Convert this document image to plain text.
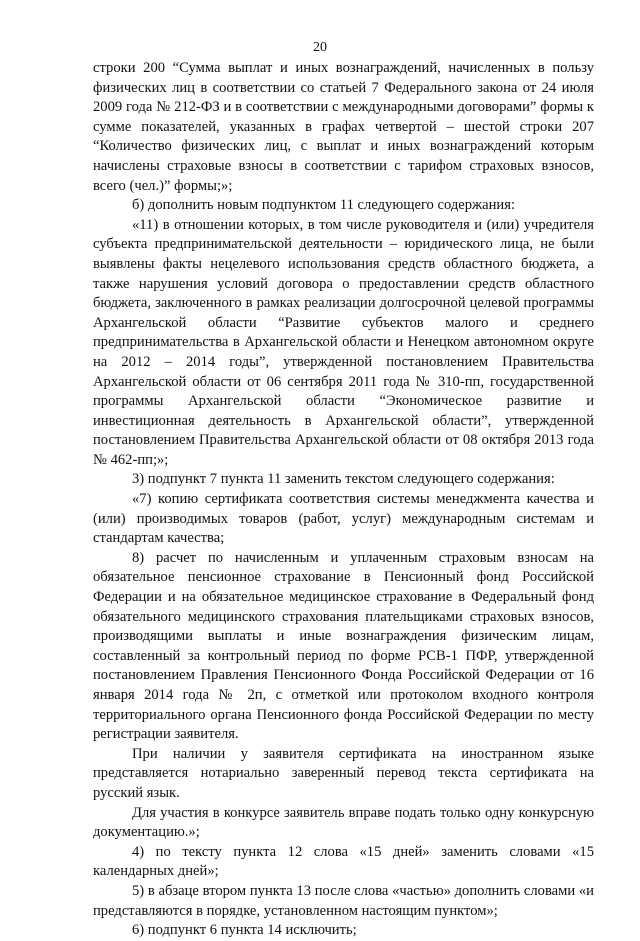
20

строки 200 “Сумма выплат и иных вознаграждений, начисленных в пользу физических лиц в соответствии со статьей 7 Федерального закона от 24 июля 2009 года № 212-ФЗ и в соответствии с международными договорами” формы к сумме показателей, указанных в графах четвертой – шестой строки 207 “Количество физических лиц, с выплат и иных вознаграждений которым начислены страховые взносы в соответствии с тарифом страховых взносов, всего (чел.)” формы;»;

б) дополнить новым подпунктом 11 следующего содержания:

«11) в отношении которых, в том числе руководителя и (или) учредителя субъекта предпринимательской деятельности – юридического лица, не были выявлены факты нецелевого использования средств областного бюджета, а также нарушения условий договора о предоставлении средств областного бюджета, заключенного в рамках реализации долгосрочной целевой программы Архангельской области “Развитие субъектов малого и среднего предпринимательства в Архангельской области и Ненецком автономном округе на 2012 – 2014 годы”, утвержденной постановлением Правительства Архангельской области от 06 сентября 2011 года № 310-пп, государственной программы Архангельской области “Экономическое развитие и инвестиционная деятельность в Архангельской области”, утвержденной постановлением Правительства Архангельской области от 08 октября 2013 года № 462-пп;»;

3) подпункт 7 пункта 11 заменить текстом следующего содержания:

«7) копию сертификата соответствия системы менеджмента качества и (или) производимых товаров (работ, услуг) международным системам и стандартам качества;

8) расчет по начисленным и уплаченным страховым взносам на обязательное пенсионное страхование в Пенсионный фонд Российской Федерации и на обязательное медицинское страхование в Федеральный фонд обязательного медицинского страхования плательщиками страховых взносов, производящими выплаты и иные вознаграждения физическим лицам, составленный за контрольный период по форме РСВ-1 ПФР, утвержденной постановлением Правления Пенсионного Фонда Российской Федерации от 16 января 2014 года № 2п, с отметкой или протоколом входного контроля территориального органа Пенсионного фонда Российской Федерации по месту регистрации заявителя.

При наличии у заявителя сертификата на иностранном языке представляется нотариально заверенный перевод текста сертификата на русский язык.

Для участия в конкурсе заявитель вправе подать только одну конкурсную документацию.»;

4) по тексту пункта 12 слова «15 дней» заменить словами «15 календарных дней»;

5) в абзаце втором пункта 13 после слова «частью» дополнить словами «и представляются в порядке, установленном настоящим пунктом»;

6) подпункт 6 пункта 14 исключить;
